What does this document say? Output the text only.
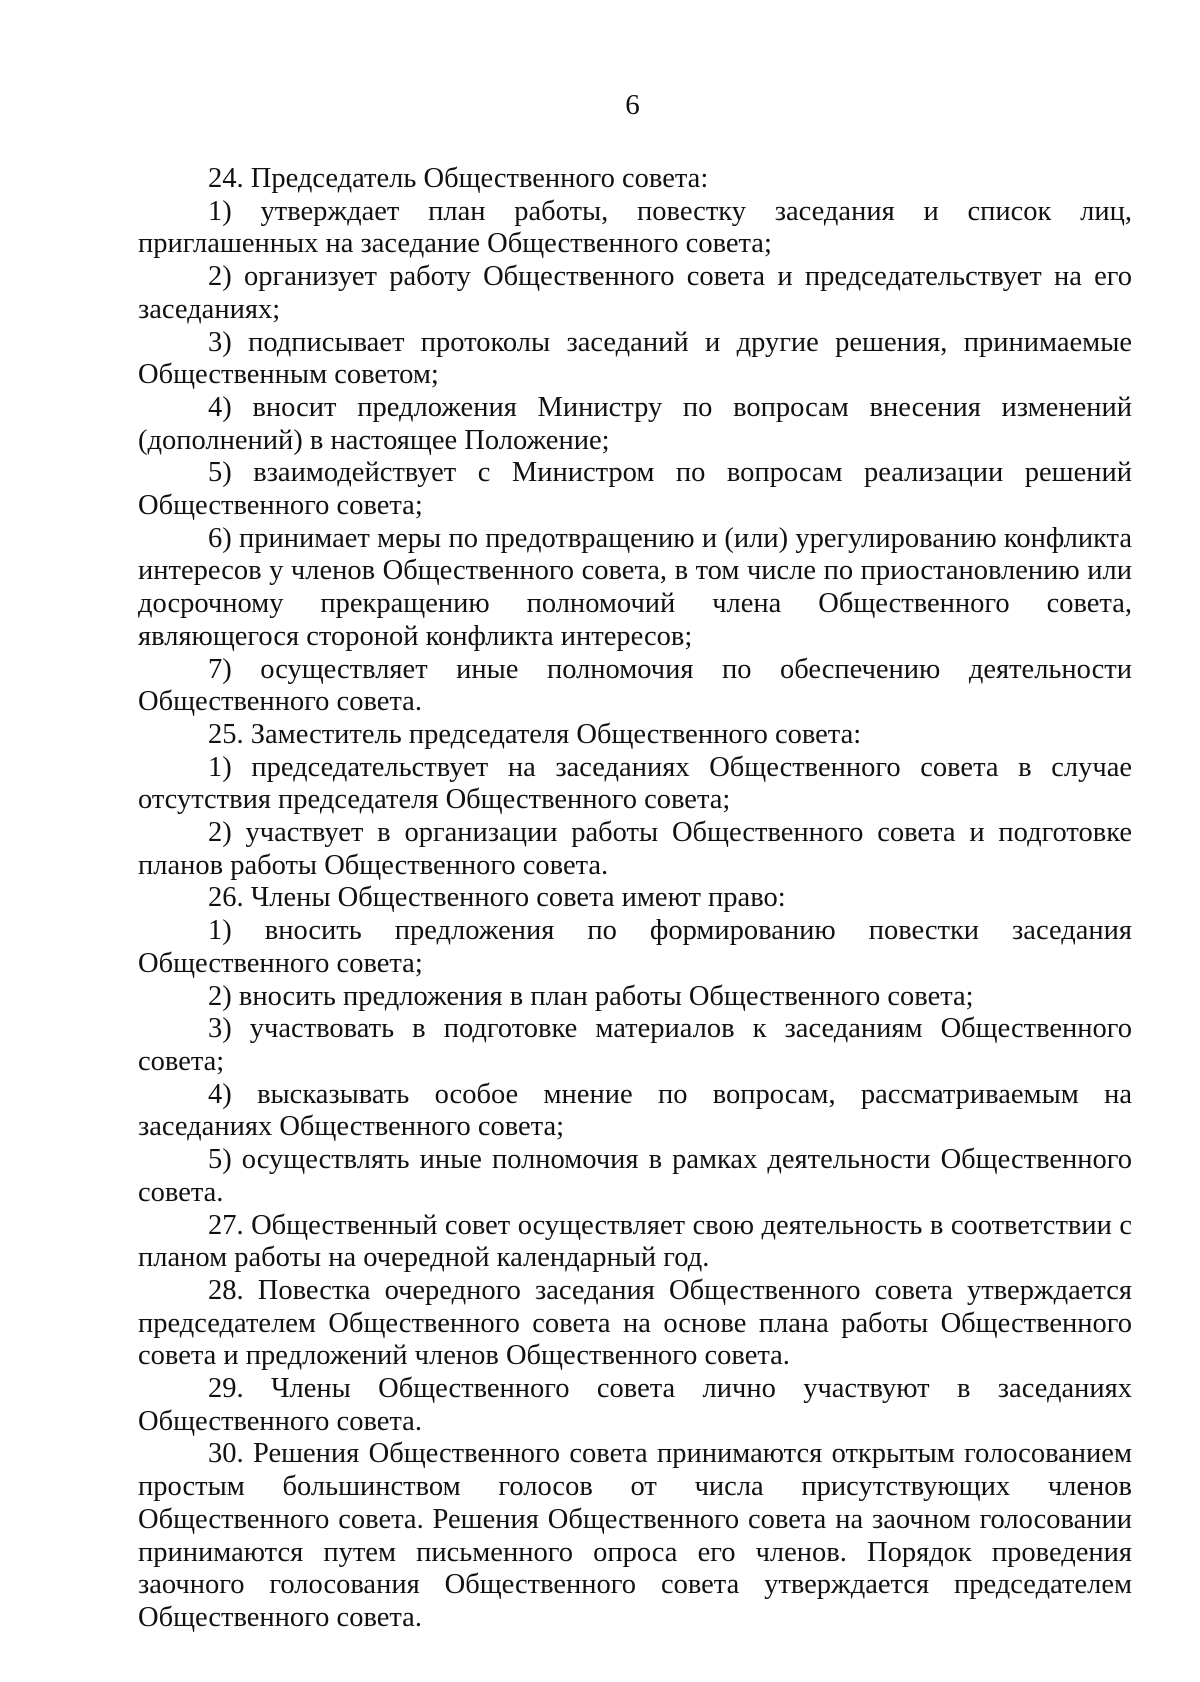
6

24. Председатель Общественного совета:

1) утверждает план работы, повестку заседания и список лиц, приглашенных на заседание Общественного совета;

2) организует работу Общественного совета и председательствует на его заседаниях;

3) подписывает протоколы заседаний и другие решения, принимаемые Общественным советом;

4) вносит предложения Министру по вопросам внесения изменений (дополнений) в настоящее Положение;

5) взаимодействует с Министром по вопросам реализации решений Общественного совета;

6) принимает меры по предотвращению и (или) урегулированию конфликта интересов у членов Общественного совета, в том числе по приостановлению или досрочному прекращению полномочий члена Общественного совета, являющегося стороной конфликта интересов;

7) осуществляет иные полномочия по обеспечению деятельности Общественного совета.

25. Заместитель председателя Общественного совета:

1) председательствует на заседаниях Общественного совета в случае отсутствия председателя Общественного совета;

2) участвует в организации работы Общественного совета и подготовке планов работы Общественного совета.

26. Члены Общественного совета имеют право:

1) вносить предложения по формированию повестки заседания Общественного совета;

2) вносить предложения в план работы Общественного совета;

3) участвовать в подготовке материалов к заседаниям Общественного совета;

4) высказывать особое мнение по вопросам, рассматриваемым на заседаниях Общественного совета;

5) осуществлять иные полномочия в рамках деятельности Общественного совета.

27. Общественный совет осуществляет свою деятельность в соответствии с планом работы на очередной календарный год.

28. Повестка очередного заседания Общественного совета утверждается председателем Общественного совета на основе плана работы Общественного совета и предложений членов Общественного совета.

29. Члены Общественного совета лично участвуют в заседаниях Общественного совета.

30. Решения Общественного совета принимаются открытым голосованием простым большинством голосов от числа присутствующих членов Общественного совета. Решения Общественного совета на заочном голосовании принимаются путем письменного опроса его членов. Порядок проведения заочного голосования Общественного совета утверждается председателем Общественного совета.
